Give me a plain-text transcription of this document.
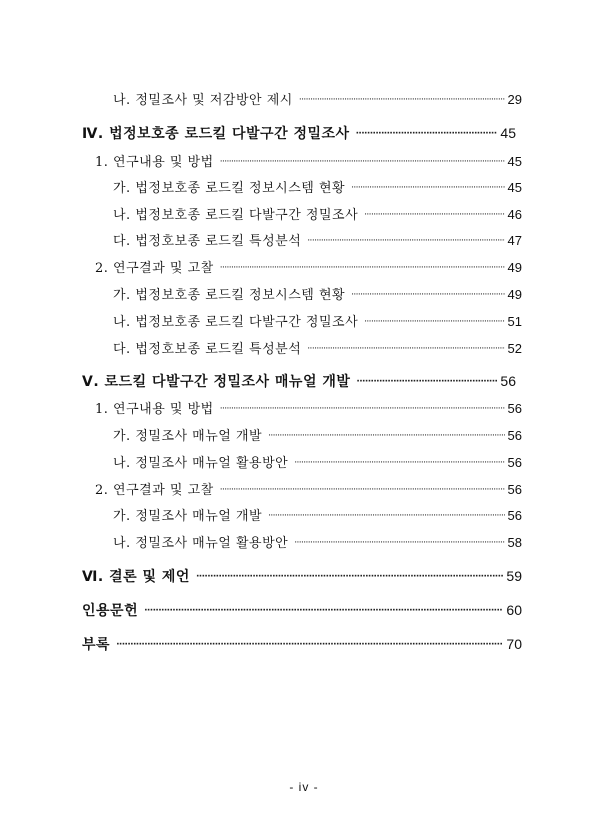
나. 정밀조사 및 저감방안 제시 ·····	29
Ⅳ. 법정보호종 로드킬 다발구간 정밀조사 ·····	45
1. 연구내용 및 방법 ·····	45
가. 법정보호종 로드킬 정보시스템 현황 ·····	45
나. 법정보호종 로드킬 다발구간 정밀조사 ·····	46
다. 법정호보종 로드킬 특성분석 ·····	47
2. 연구결과 및 고찰 ·····	49
가. 법정보호종 로드킬 정보시스템 현황 ·····	49
나. 법정보호종 로드킬 다발구간 정밀조사 ·····	51
다. 법정호보종 로드킬 특성분석 ·····	52
Ⅴ. 로드킬 다발구간 정밀조사 매뉴얼 개발 ·····	56
1. 연구내용 및 방법 ·····	56
가. 정밀조사 매뉴얼 개발 ·····	56
나. 정밀조사 매뉴얼 활용방안 ·····	56
2. 연구결과 및 고찰 ·····	56
가. 정밀조사 매뉴얼 개발 ·····	56
나. 정밀조사 매뉴얼 활용방안 ·····	58
Ⅵ. 결론 및 제언 ·····	59
인용문헌 ·····	60
부록 ·····	70
- iv -
